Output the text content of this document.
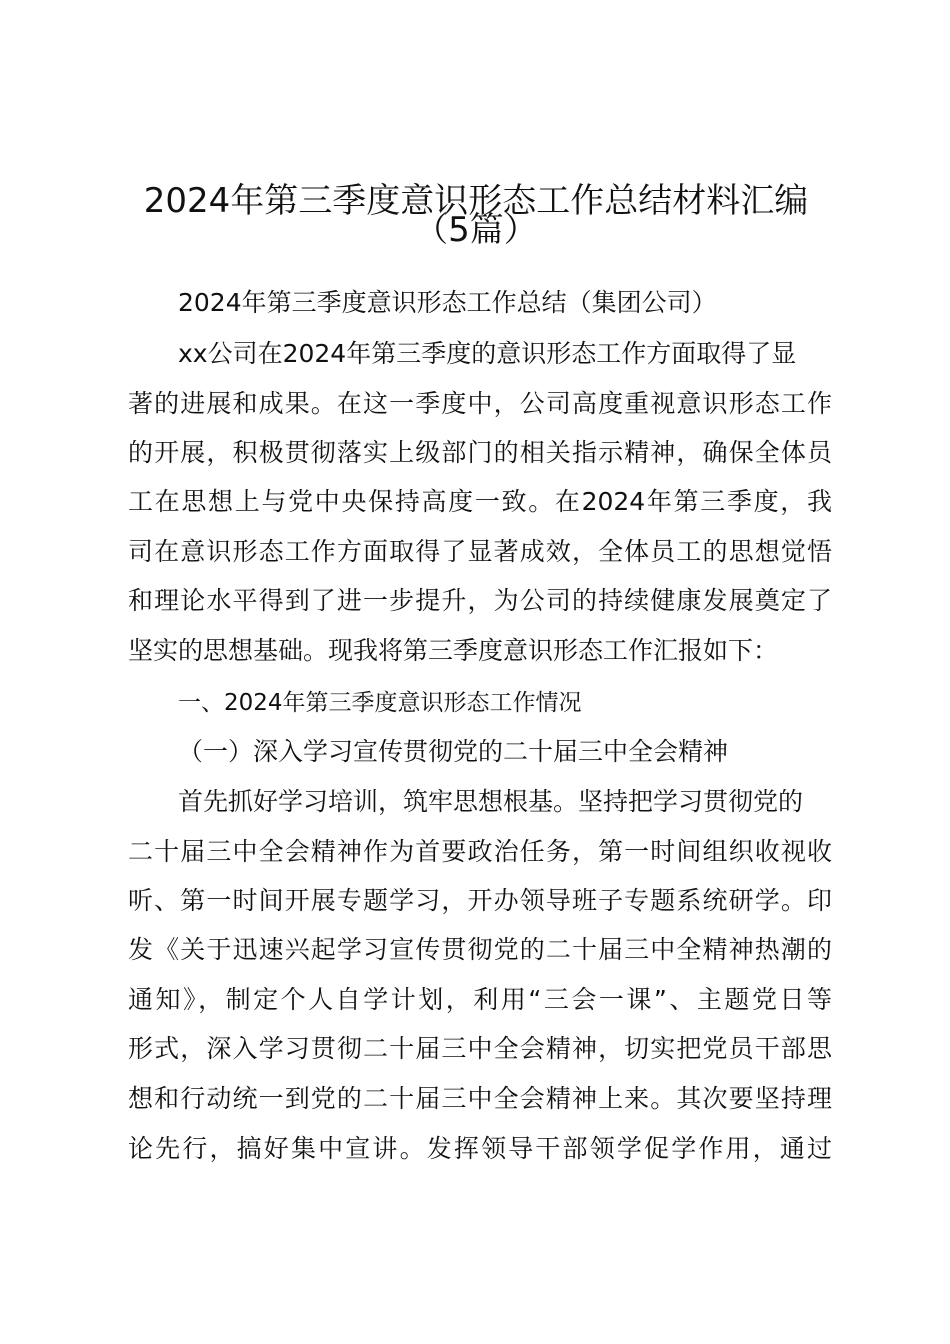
2024年第三季度意识形态工作总结材料汇编
（5篇）

2024年第三季度意识形态工作总结（集团公司）

xx公司在2024年第三季度的意识形态工作方面取得了显

著的进展和成果。在这一季度中，公司高度重视意识形态工作

的开展，积极贯彻落实上级部门的相关指示精神，确保全体员

工在思想上与党中央保持高度一致。在2024年第三季度，我

司在意识形态工作方面取得了显著成效，全体员工的思想觉悟

和理论水平得到了进一步提升，为公司的持续健康发展奠定了

坚实的思想基础。现我将第三季度意识形态工作汇报如下：

一、2024年第三季度意识形态工作情况

（一）深入学习宣传贯彻党的二十届三中全会精神

首先抓好学习培训，筑牢思想根基。坚持把学习贯彻党的

二十届三中全会精神作为首要政治任务，第一时间组织收视收

听、第一时间开展专题学习，开办领导班子专题系统研学。印

发《关于迅速兴起学习宣传贯彻党的二十届三中全精神热潮的

通知》，制定个人自学计划，利用“三会一课”、主题党日等

形式，深入学习贯彻二十届三中全会精神，切实把党员干部思

想和行动统一到党的二十届三中全会精神上来。其次要坚持理

论先行，搞好集中宣讲。发挥领导干部领学促学作用，通过
